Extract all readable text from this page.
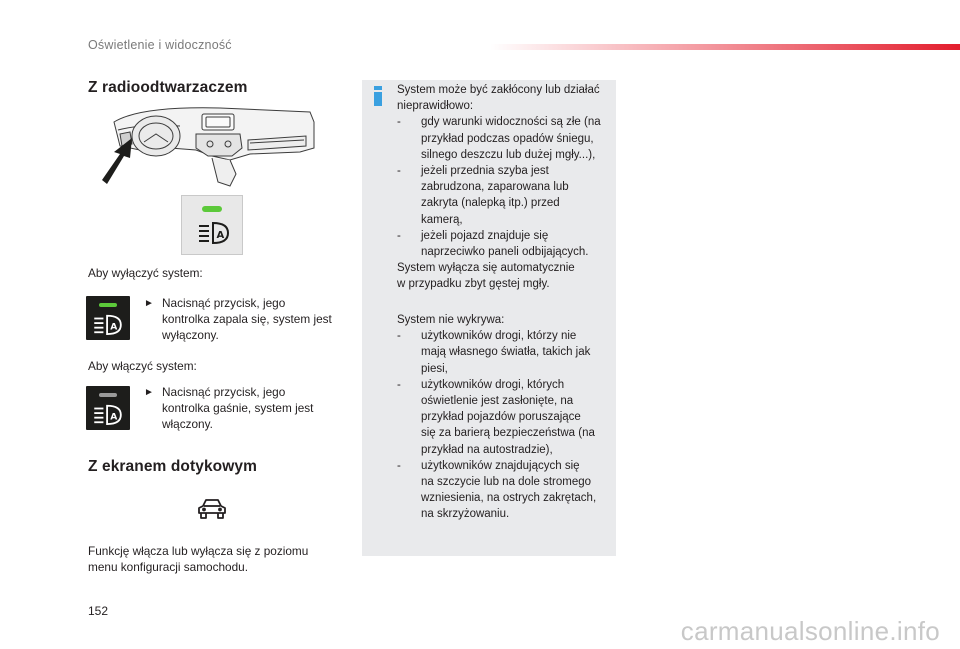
Oświetlenie i widoczność
Z radioodtwarzaczem
A
Aby wyłączyć system:
A
► Nacisnąć przycisk, jego
kontrolka zapala się, system jest
wyłączony.
Aby włączyć system:
A
► Nacisnąć przycisk, jego
kontrolka gaśnie, system jest
włączony.
Z ekranem dotykowym
Funkcję włącza lub wyłącza się z poziomu
menu konfiguracji samochodu.
System może być zakłócony lub działać
nieprawidłowo:
-	gdy warunki widoczności są złe (na
przykład podczas opadów śniegu,
silnego deszczu lub dużej mgły...),
-	jeżeli przednia szyba jest
zabrudzona, zaparowana lub
zakryta (nalepką itp.) przed
kamerą,
-	jeżeli pojazd znajduje się
naprzeciwko paneli odbijających.
System wyłącza się automatycznie
w przypadku zbyt gęstej mgły.
System nie wykrywa:
-	użytkowników drogi, którzy nie
mają własnego światła, takich jak
piesi,
-	użytkowników drogi, których
oświetlenie jest zasłonięte, na
przykład pojazdów poruszające
się za barierą bezpieczeństwa (na
przykład na autostradzie),
-	użytkowników znajdujących się
na szczycie lub na dole stromego
wzniesienia, na ostrych zakrętach,
na skrzyżowaniu.
152
carmanualsonline.info
